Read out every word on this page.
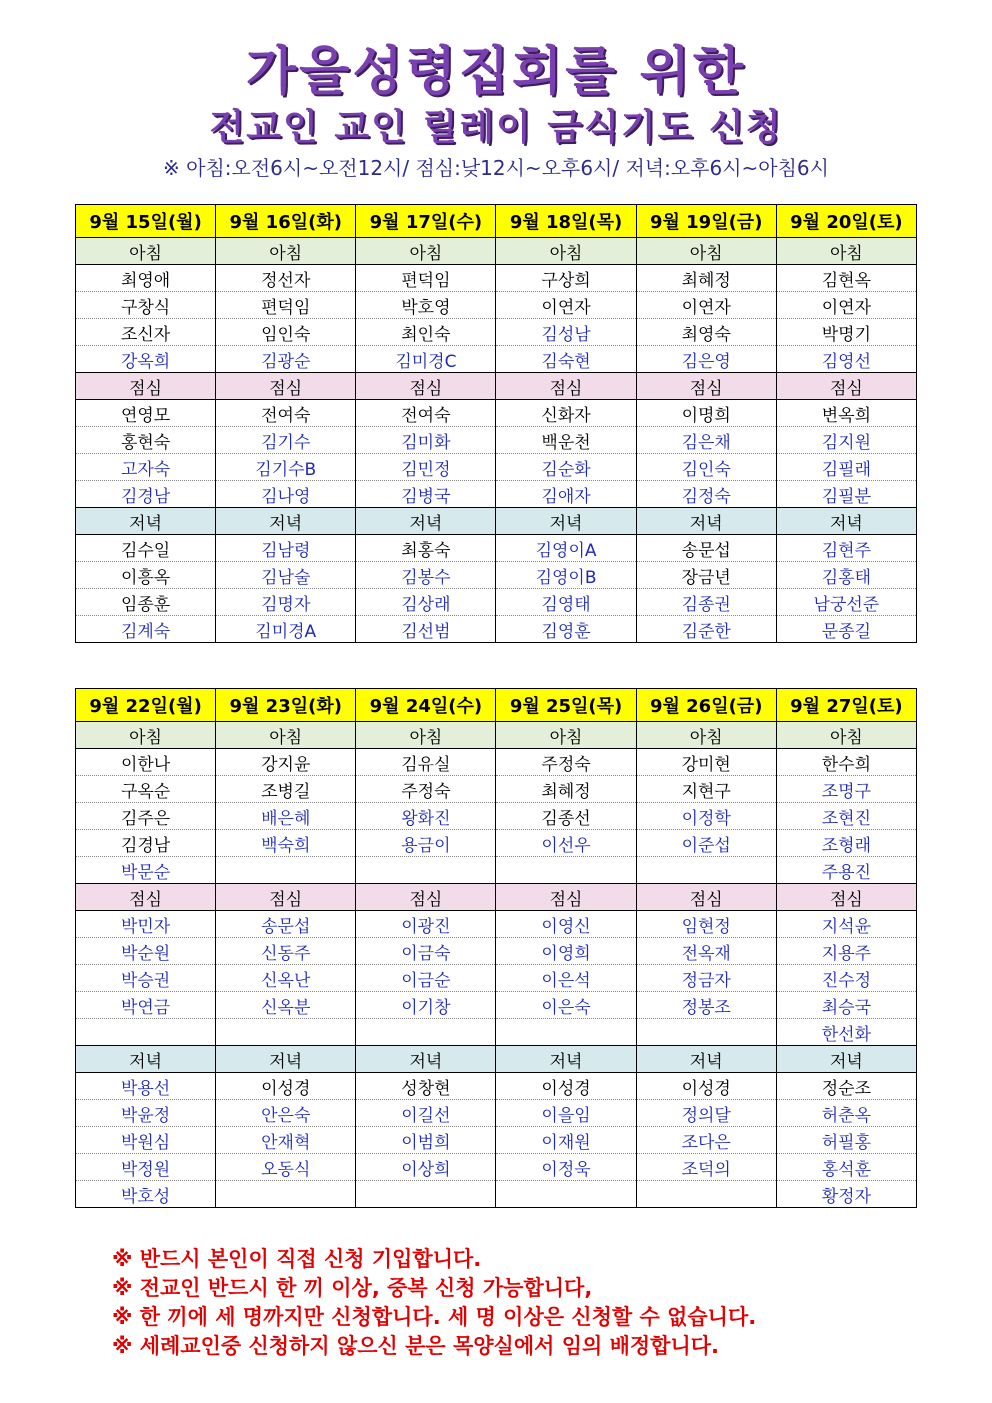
가을성령집회를 위한
전교인 교인 릴레이 금식기도 신청
※ 아침:오전6시~오전12시/ 점심:낮12시~오후6시/ 저녁:오후6시~아침6시
9월 15일(월)	9월 16일(화)	9월 17일(수)	9월 18일(목)	9월 19일(금)	9월 20일(토)
아침	아침	아침	아침	아침	아침
최영애	정선자	편덕임	구상희	최혜정	김현옥
구창식	편덕임	박호영	이연자	이연자	이연자
조신자	임인숙	최인숙	김성남	최영숙	박명기
강옥희	김광순	김미경C	김숙현	김은영	김영선
점심	점심	점심	점심	점심	점심
연영모	전여숙	전여숙	신화자	이명희	변옥희
홍현숙	김기수	김미화	백운천	김은채	김지원
고자숙	김기수B	김민정	김순화	김인숙	김필래
김경남	김나영	김병국	김애자	김정숙	김필분
저녁	저녁	저녁	저녁	저녁	저녁
김수일	김남령	최홍숙	김영이A	송문섭	김현주
이흥옥	김남술	김봉수	김영이B	장금년	김홍태
임종훈	김명자	김상래	김영태	김종권	남궁선준
김계숙	김미경A	김선범	김영훈	김준한	문종길
9월 22일(월)	9월 23일(화)	9월 24일(수)	9월 25일(목)	9월 26일(금)	9월 27일(토)
아침	아침	아침	아침	아침	아침
이한나	강지윤	김유실	주정숙	강미현	한수희
구옥순	조병길	주정숙	최혜정	지현구	조명구
김주은	배은혜	왕화진	김종선	이정학	조현진
김경남	백숙희	용금이	이선우	이준섭	조형래
박문순					주용진
점심	점심	점심	점심	점심	점심
박민자	송문섭	이광진	이영신	임현정	지석윤
박순원	신동주	이금숙	이영희	전옥재	지용주
박승권	신옥난	이금순	이은석	정금자	진수정
박연금	신옥분	이기창	이은숙	정봉조	최승국
					한선화
저녁	저녁	저녁	저녁	저녁	저녁
박용선	이성경	성창현	이성경	이성경	정순조
박윤정	안은숙	이길선	이을임	정의달	허춘옥
박원심	안재혁	이범희	이재원	조다은	허필홍
박정원	오동식	이상희	이정욱	조덕의	홍석훈
박호성					황정자
※ 반드시 본인이 직접 신청 기입합니다.
※ 전교인 반드시 한 끼 이상, 중복 신청 가능합니다,
※ 한 끼에 세 명까지만 신청합니다. 세 명 이상은 신청할 수 없습니다.
※ 세례교인중 신청하지 않으신 분은 목양실에서 임의 배정합니다.
